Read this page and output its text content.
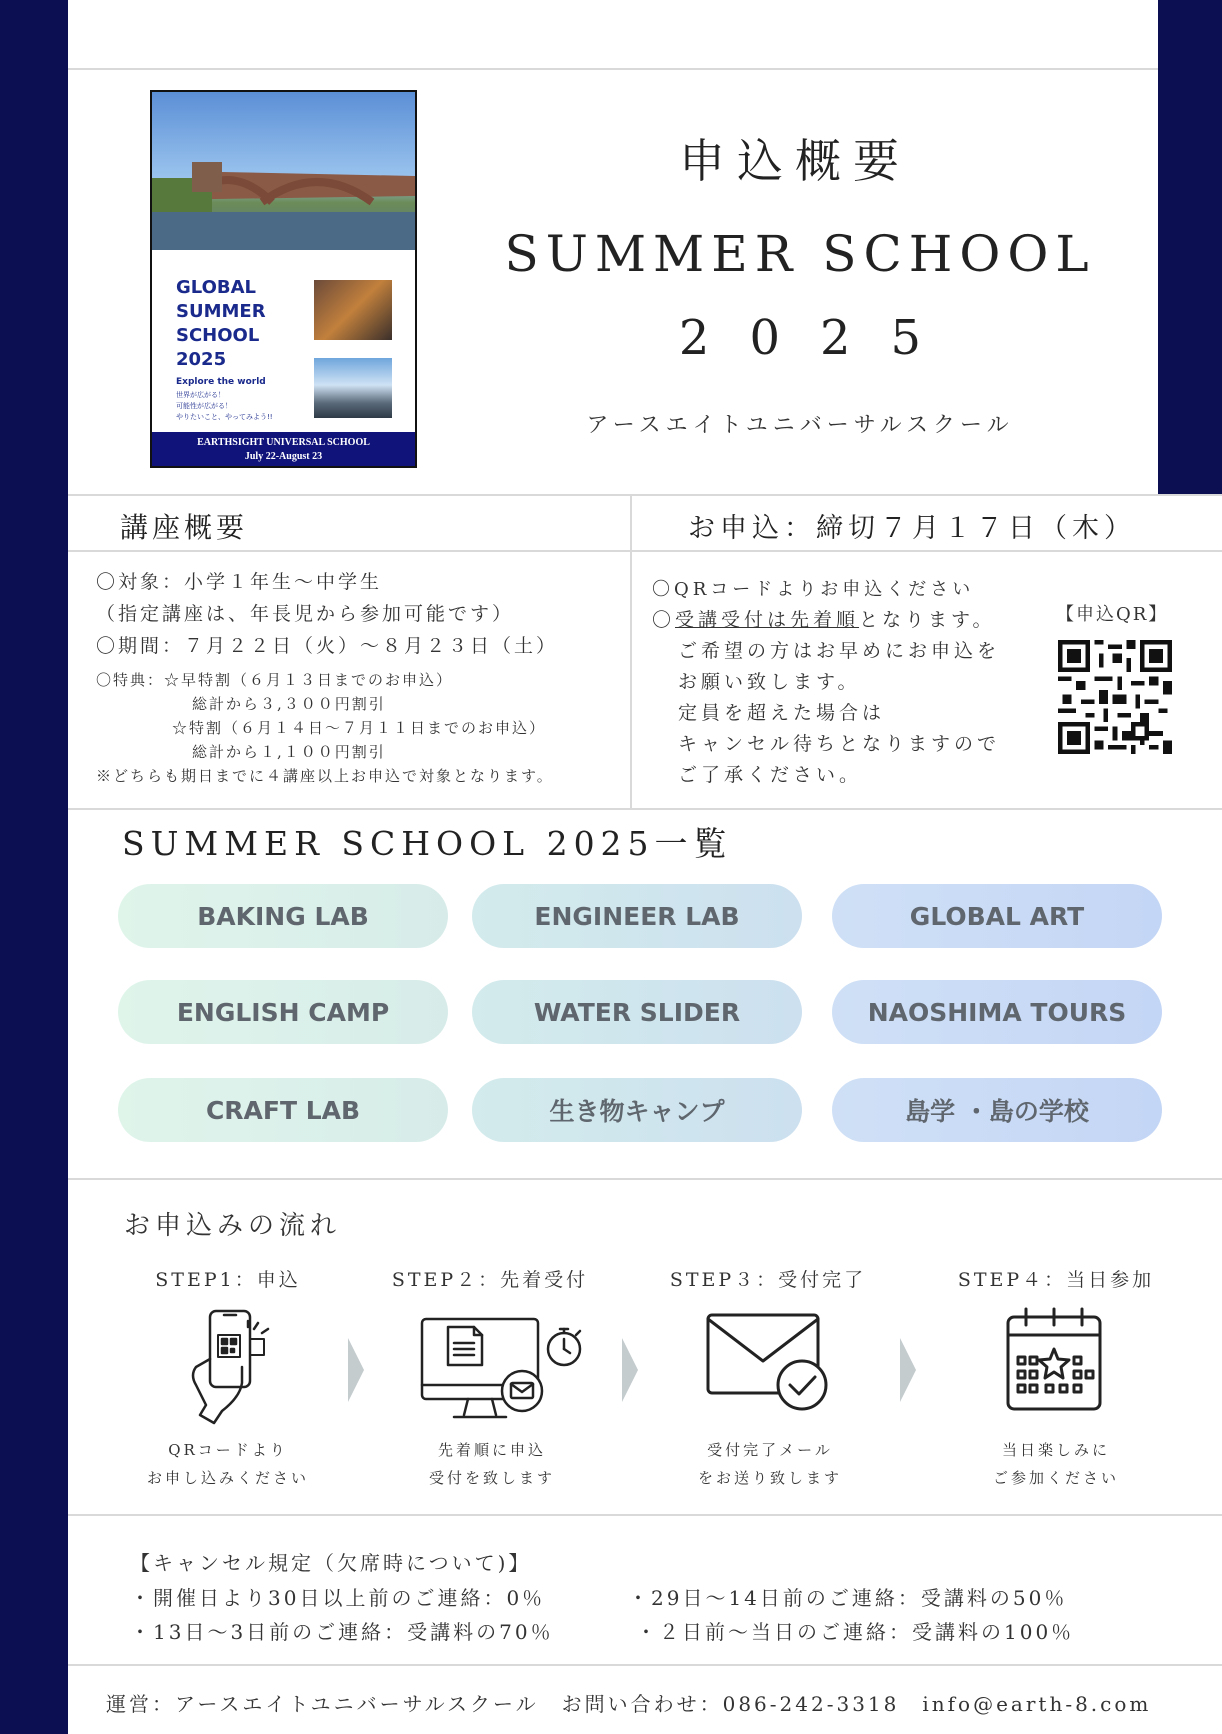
GLOBAL
SUMMER
SCHOOL
2025
Explore the world
世界が広がる！
可能性が広がる！
やりたいこと、やってみよう!!
EARTHSIGHT UNIVERSAL SCHOOL
July 22-August 23
申込概要
SUMMER SCHOOL
2025
アースエイトユニバーサルスクール
講座概要	お申込：締切７月１７日（木）
〇対象：小学１年生〜中学生
（指定講座は、年長児から参加可能です）
〇期間：７月２２日（火）〜８月２３日（土）
〇特典：☆早特割（６月１３日までのお申込）
総計から３,３００円割引
☆特割（６月１４日〜７月１１日までのお申込）
総計から１,１００円割引
※どちらも期日までに４講座以上お申込で対象となります。
〇QRコードよりお申込ください
〇受講受付は先着順となります。
ご希望の方はお早めにお申込を
お願い致します。
定員を超えた場合は
キャンセル待ちとなりますので
ご了承ください。
【申込QR】
SUMMER SCHOOL 2025一覧
BAKING LAB	ENGINEER LAB	GLOBAL ART
ENGLISH CAMP	WATER SLIDER	NAOSHIMA TOURS
CRAFT LAB	生き物キャンプ	島学 ・島の学校
お申込みの流れ
STEP1：申込	STEP２：先着受付	STEP３：受付完了	STEP４：当日参加
QRコードより
お申し込みください
先着順に申込
受付を致します
受付完了メール
をお送り致します
当日楽しみに
ご参加ください
【キャンセル規定（欠席時について)】
・開催日より30日以上前のご連絡：0％	・29日〜14日前のご連絡：受講料の50％
・13日〜3日前のご連絡：受講料の70％	・２日前〜当日のご連絡：受講料の100％
運営：アースエイトユニバーサルスクール　お問い合わせ：086-242-3318　info@earth-8.com
